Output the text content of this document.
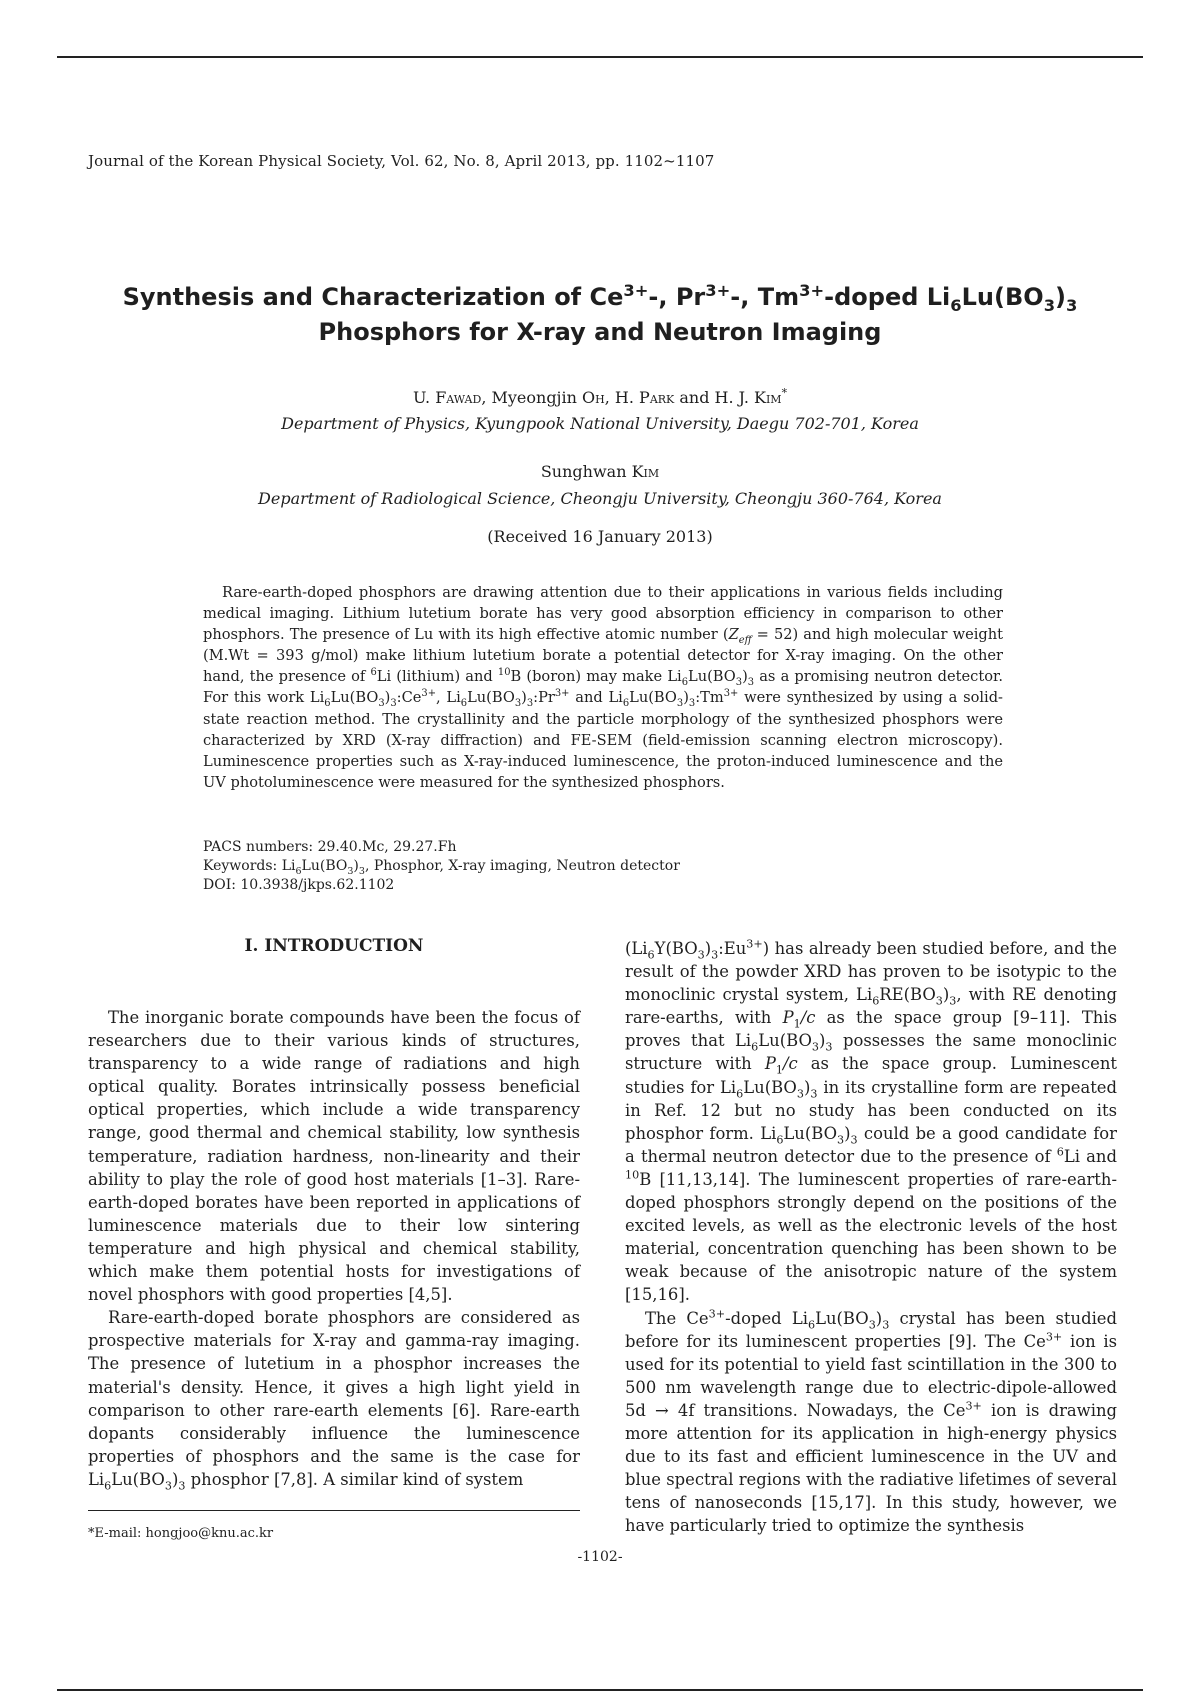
Journal of the Korean Physical Society, Vol. 62, No. 8, April 2013, pp. 1102~1107
Synthesis and Characterization of $Ce^{3+}-$, $Pr^{3+}-$, $Tm^{3+}$-doped $Li_6Lu(BO_3)_3$
Phosphors for X-ray and Neutron Imaging
U. Fawad, Myeongjin Oh, H. Park and H. J. Kim*
Department of Physics, Kyungpook National University, Daegu 702-701, Korea
Sunghwan Kim
Department of Radiological Science, Cheongju University, Cheongju 360-764, Korea
(Received 16 January 2013)

Rare-earth-doped phosphors are drawing attention due to their applications in various fields including medical imaging. Lithium lutetium borate has very good absorption efficiency in comparison to other phosphors. The presence of Lu with its high effective atomic number $(Z_{eff} = 52)$ and high molecular weight (M.Wt = 393 g/mol) make lithium lutetium borate a potential detector for X-ray imaging. On the other hand, the presence of $^6$Li (lithium) and $^{10}$B (boron) may make $Li_6Lu(BO_3)_3$ as a promising neutron detector. For this work $Li_6Lu(BO_3)_3:Ce^{3+}$, $Li_6Lu(BO_3)_3:Pr^{3+}$ and $Li_6Lu(BO_3)_3:Tm^{3+}$ were synthesized by using a solid-state reaction method. The crystallinity and the particle morphology of the synthesized phosphors were characterized by XRD (X-ray diffraction) and FE-SEM (field-emission scanning electron microscopy). Luminescence properties such as X-ray-induced luminescence, the proton-induced luminescence and the UV photoluminescence were measured for the synthesized phosphors.

PACS numbers: 29.40.Mc, 29.27.Fh
Keywords: $Li_6Lu(BO_3)_3$, Phosphor, X-ray imaging, Neutron detector
DOI: 10.3938/jkps.62.1102
I. INTRODUCTION

The inorganic borate compounds have been the focus of researchers due to their various kinds of structures, transparency to a wide range of radiations and high optical quality. Borates intrinsically possess beneficial optical properties, which include a wide transparency range, good thermal and chemical stability, low synthesis temperature, radiation hardness, non-linearity and their ability to play the role of good host materials [1–3]. Rare-earth-doped borates have been reported in applications of luminescence materials due to their low sintering temperature and high physical and chemical stability, which make them potential hosts for investigations of novel phosphors with good properties [4,5].

Rare-earth-doped borate phosphors are considered as prospective materials for X-ray and gamma-ray imaging. The presence of lutetium in a phosphor increases the material's density. Hence, it gives a high light yield in comparison to other rare-earth elements [6]. Rare-earth dopants considerably influence the luminescence properties of phosphors and the same is the case for $Li_6Lu(BO_3)_3$ phosphor [7,8]. A similar kind of system

$(Li_6Y(BO_3)_3:Eu^{3+})$ has already been studied before, and the result of the powder XRD has proven to be isotypic to the monoclinic crystal system, $Li_6RE(BO_3)_3$, with RE denoting rare-earths, with $P_1/c$ as the space group [9–11]. This proves that $Li_6Lu(BO_3)_3$ possesses the same monoclinic structure with $P_1/c$ as the space group. Luminescent studies for $Li_6Lu(BO_3)_3$ in its crystalline form are repeated in Ref. 12 but no study has been conducted on its phosphor form. $Li_6Lu(BO_3)_3$ could be a good candidate for a thermal neutron detector due to the presence of $^6$Li and $^{10}$B [11,13,14]. The luminescent properties of rare-earth-doped phosphors strongly depend on the positions of the excited levels, as well as the electronic levels of the host material, concentration quenching has been shown to be weak because of the anisotropic nature of the system [15,16].

The $Ce^{3+}$-doped $Li_6Lu(BO_3)_3$ crystal has been studied before for its luminescent properties [9]. The $Ce^{3+}$ ion is used for its potential to yield fast scintillation in the 300 to 500 nm wavelength range due to electric-dipole-allowed 5d → 4f transitions. Nowadays, the $Ce^{3+}$ ion is drawing more attention for its application in high-energy physics due to its fast and efficient luminescence in the UV and blue spectral regions with the radiative lifetimes of several tens of nanoseconds [15,17]. In this study, however, we have particularly tried to optimize the synthesis

*E-mail: hongjoo@knu.ac.kr
-1102-
